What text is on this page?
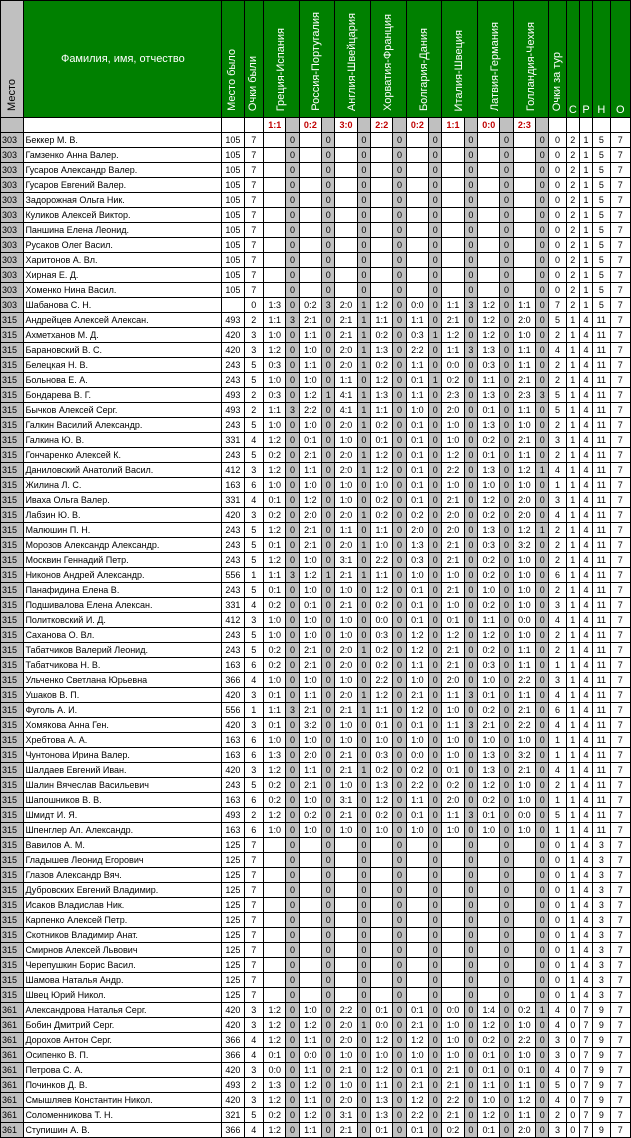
Место	Фамилия, имя, отчество	Место было	Очки были	Греция-Испания		Россия-Португалия		Англия-Швейцария		Хорватия-Франция		Болгария-Дания		Италия-Швеция		Латвия-Германия		Голландия-Чехия		Очки за тур	С	Р	Н	О
				1:1		0:2		3:0		2:2		0:2		1:1		0:0		2:3						
303	Беккер М. В.	105	7		0		0		0		0		0		0		0		0	0	2	1	5	7
303	Гамзенко Анна Валер.	105	7		0		0		0		0		0		0		0		0	0	2	1	5	7
303	Гусаров Александр Валер.	105	7		0		0		0		0		0		0		0		0	0	2	1	5	7
303	Гусаров Евгений Валер.	105	7		0		0		0		0		0		0		0		0	0	2	1	5	7
303	Задорожная Ольга Ник.	105	7		0		0		0		0		0		0		0		0	0	2	1	5	7
303	Куликов Алексей Виктор.	105	7		0		0		0		0		0		0		0		0	0	2	1	5	7
303	Паншина Елена Леонид.	105	7		0		0		0		0		0		0		0		0	0	2	1	5	7
303	Русаков Олег Васил.	105	7		0		0		0		0		0		0		0		0	0	2	1	5	7
303	Харитонов А. Вл.	105	7		0		0		0		0		0		0		0		0	0	2	1	5	7
303	Хирная Е. Д.	105	7		0		0		0		0		0		0		0		0	0	2	1	5	7
303	Хоменко Нина Васил.	105	7		0		0		0		0		0		0		0		0	0	2	1	5	7
303	Шабанова С. Н.		0	1:3	0	0:2	3	2:0	1	1:2	0	0:0	0	1:1	3	1:2	0	1:1	0	7	2	1	5	7
315	Андрейцев Алексей Алексан.	493	2	1:1	3	2:1	0	2:1	1	1:1	0	1:1	0	2:1	0	1:2	0	2:0	0	5	1	4	11	7
315	Ахметханов М. Д.	420	3	1:0	0	1:1	0	2:1	1	0:2	0	0:3	1	1:2	0	1:2	0	1:0	0	2	1	4	11	7
315	Барановский В. С.	420	3	1:2	0	1:0	0	2:0	1	1:3	0	2:2	0	1:1	3	1:3	0	1:1	0	4	1	4	11	7
315	Белецкая Н. В.	243	5	0:3	0	1:1	0	2:0	1	0:2	0	1:1	0	0:0	0	0:3	0	1:1	0	2	1	4	11	7
315	Больнова Е. А.	243	5	1:0	0	1:0	0	1:1	0	1:2	0	0:1	1	0:2	0	1:1	0	2:1	0	2	1	4	11	7
315	Бондарева В. Г.	493	2	0:3	0	1:2	1	4:1	1	1:3	0	1:1	0	2:3	0	1:3	0	2:3	3	5	1	4	11	7
315	Бычков Алексей Серг.	493	2	1:1	3	2:2	0	4:1	1	1:1	0	1:0	0	2:0	0	0:1	0	1:1	0	5	1	4	11	7
315	Галкин Василий Александр.	243	5	1:0	0	1:0	0	2:0	1	0:2	0	0:1	0	1:0	0	1:3	0	1:0	0	2	1	4	11	7
315	Галкина Ю. В.	331	4	1:2	0	0:1	0	1:0	0	0:1	0	0:1	0	1:0	0	0:2	0	2:1	0	3	1	4	11	7
315	Гончаренко Алексей К.	243	5	0:2	0	2:1	0	2:0	1	1:2	0	0:1	0	1:2	0	0:1	0	1:1	0	2	1	4	11	7
315	Даниловский Анатолий Васил.	412	3	1:2	0	1:1	0	2:0	1	1:2	0	0:1	0	2:2	0	1:3	0	1:2	1	4	1	4	11	7
315	Жилина Л. С.	163	6	1:0	0	1:0	0	1:0	0	1:0	0	0:1	0	1:0	0	1:0	0	1:0	0	1	1	4	11	7
315	Иваха Ольга Валер.	331	4	0:1	0	1:2	0	1:0	0	0:2	0	0:1	0	2:1	0	1:2	0	2:0	0	3	1	4	11	7
315	Лабзин Ю. В.	420	3	0:2	0	2:0	0	2:0	1	0:2	0	0:2	0	2:0	0	0:2	0	2:0	0	4	1	4	11	7
315	Малюшин П. Н.	243	5	1:2	0	2:1	0	1:1	0	1:1	0	2:0	0	2:0	0	1:3	0	1:2	1	2	1	4	11	7
315	Морозов Александр Александр.	243	5	0:1	0	2:1	0	2:0	1	1:0	0	1:3	0	2:1	0	0:3	0	3:2	0	2	1	4	11	7
315	Москвин Геннадий Петр.	243	5	1:2	0	1:0	0	3:1	0	2:2	0	0:3	0	2:1	0	0:2	0	1:0	0	2	1	4	11	7
315	Никонов Андрей Александр.	556	1	1:1	3	1:2	1	2:1	1	1:1	0	1:0	0	1:0	0	0:2	0	1:0	0	6	1	4	11	7
315	Панафидина Елена В.	243	5	0:1	0	1:0	0	1:0	0	1:2	0	0:1	0	2:1	0	1:0	0	1:0	0	2	1	4	11	7
315	Подшивалова Елена Алексан.	331	4	0:2	0	0:1	0	2:1	0	0:2	0	0:1	0	1:0	0	0:2	0	1:0	0	3	1	4	11	7
315	Политковский И. Д.	412	3	1:0	0	1:0	0	1:0	0	0:0	0	0:1	0	0:1	0	1:1	0	0:0	0	4	1	4	11	7
315	Саханова О. Вл.	243	5	1:0	0	1:0	0	1:0	0	0:3	0	1:2	0	1:2	0	1:2	0	1:0	0	2	1	4	11	7
315	Табатчиков Валерий Леонид.	243	5	0:2	0	2:1	0	2:0	1	0:2	0	1:2	0	2:1	0	0:2	0	1:1	0	2	1	4	11	7
315	Табатчикова Н. В.	163	6	0:2	0	2:1	0	2:0	0	0:2	0	1:1	0	2:1	0	0:3	0	1:1	0	1	1	4	11	7
315	Ульченко Светлана Юрьевна	366	4	1:0	0	1:0	0	1:0	0	2:2	0	1:0	0	2:0	0	1:0	0	2:2	0	3	1	4	11	7
315	Ушаков В. П.	420	3	0:1	0	1:1	0	2:0	1	1:2	0	2:1	0	1:1	3	0:1	0	1:1	0	4	1	4	11	7
315	Фуголь А. И.	556	1	1:1	3	2:1	0	2:1	1	1:1	0	1:2	0	1:0	0	0:2	0	2:1	0	6	1	4	11	7
315	Хомякова Анна Ген.	420	3	0:1	0	3:2	0	1:0	0	0:1	0	0:1	0	1:1	3	2:1	0	2:2	0	4	1	4	11	7
315	Хребтова А. А.	163	6	1:0	0	1:0	0	1:0	0	1:0	0	1:0	0	1:0	0	1:0	0	1:0	0	1	1	4	11	7
315	Чунтонова Ирина Валер.	163	6	1:3	0	2:0	0	2:1	0	0:3	0	0:0	0	1:0	0	1:3	0	3:2	0	1	1	4	11	7
315	Шалдаев Евгений Иван.	420	3	1:2	0	1:1	0	2:1	1	0:2	0	0:2	0	0:1	0	1:3	0	2:1	0	4	1	4	11	7
315	Шалин Вячеслав Васильевич	243	5	0:2	0	2:1	0	1:0	0	1:3	0	2:2	0	0:2	0	1:2	0	1:0	0	2	1	4	11	7
315	Шапошников В. В.	163	6	0:2	0	1:0	0	3:1	0	1:2	0	1:1	0	2:0	0	0:2	0	1:0	0	1	1	4	11	7
315	Шмидт И. Я.	493	2	1:2	0	0:2	0	2:1	0	0:2	0	0:1	0	1:1	3	0:1	0	0:0	0	5	1	4	11	7
315	Шпенглер Ал. Александр.	163	6	1:0	0	1:0	0	1:0	0	1:0	0	1:0	0	1:0	0	1:0	0	1:0	0	1	1	4	11	7
315	Вавилов А. М.	125	7		0		0		0		0		0		0		0		0	0	1	4	3	7
315	Гладышев Леонид Егорович	125	7		0		0		0		0		0		0		0		0	0	1	4	3	7
315	Глазов Александр Вяч.	125	7		0		0		0		0		0		0		0		0	0	1	4	3	7
315	Дубровских Евгений Владимир.	125	7		0		0		0		0		0		0		0		0	0	1	4	3	7
315	Исаков Владислав Ник.	125	7		0		0		0		0		0		0		0		0	0	1	4	3	7
315	Карпенко Алексей Петр.	125	7		0		0		0		0		0		0		0		0	0	1	4	3	7
315	Скотников Владимир Анат.	125	7		0		0		0		0		0		0		0		0	0	1	4	3	7
315	Смирнов Алексей Львович	125	7		0		0		0		0		0		0		0		0	0	1	4	3	7
315	Черепушкин Борис Васил.	125	7		0		0		0		0		0		0		0		0	0	1	4	3	7
315	Шамова Наталья Андр.	125	7		0		0		0		0		0		0		0		0	0	1	4	3	7
315	Швец Юрий Никол.	125	7		0		0		0		0		0		0		0		0	0	1	4	3	7
361	Александрова Наталья Серг.	420	3	1:2	0	1:0	0	2:2	0	0:1	0	0:1	0	0:0	0	1:4	0	0:2	1	4	0	7	9	7
361	Бобин Дмитрий Серг.	420	3	1:2	0	1:2	0	2:0	1	0:0	0	2:1	0	1:0	0	1:2	0	1:0	0	4	0	7	9	7
361	Дорохов Антон Серг.	366	4	1:2	0	1:1	0	2:0	0	1:2	0	1:2	0	1:0	0	0:2	0	2:2	0	3	0	7	9	7
361	Осипенко В. П.	366	4	0:1	0	0:0	0	1:0	0	1:0	0	1:0	0	1:0	0	0:1	0	1:0	0	3	0	7	9	7
361	Петрова С. А.	420	3	0:0	0	1:1	0	2:1	0	1:2	0	0:1	0	2:1	0	0:1	0	0:1	0	4	0	7	9	7
361	Починков Д. В.	493	2	1:3	0	1:2	0	1:0	0	1:1	0	2:1	0	2:1	0	1:1	0	1:1	0	5	0	7	9	7
361	Смышляев Константин Никол.	420	3	1:2	0	1:1	0	2:0	0	1:3	0	1:2	0	2:2	0	1:0	0	1:2	0	4	0	7	9	7
361	Соломенникова Т. Н.	321	5	0:2	0	1:2	0	3:1	0	1:3	0	2:2	0	2:1	0	1:2	0	1:1	0	2	0	7	9	7
361	Ступишин А. В.	366	4	1:2	0	1:1	0	2:1	0	0:1	0	0:1	0	0:2	0	0:1	0	2:0	0	3	0	7	9	7
